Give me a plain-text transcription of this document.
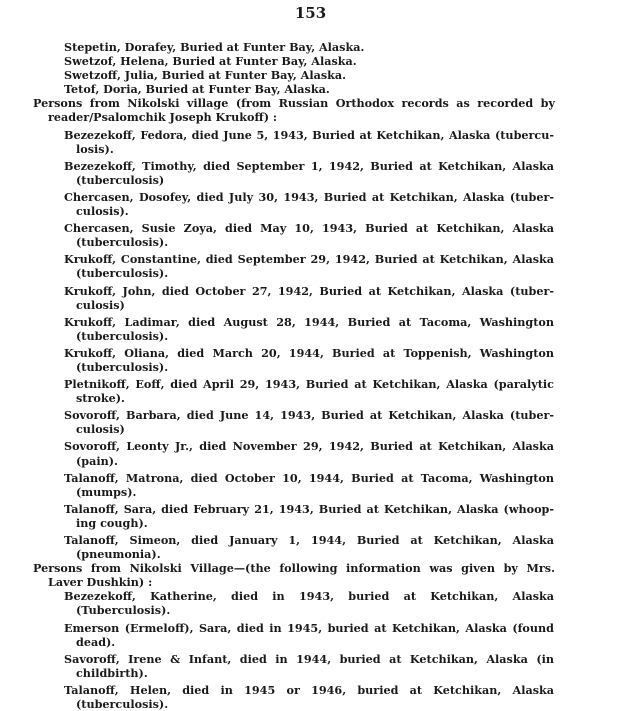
153
Stepetin, Dorafey, Buried at Funter Bay, Alaska.
Swetzof, Helena, Buried at Funter Bay, Alaska.
Swetzoff, Julia, Buried at Funter Bay, Alaska.
Tetof, Doria, Buried at Funter Bay, Alaska.
Persons from Nikolski village (from Russian Orthodox records as recorded by
reader/Psalomchik Joseph Krukoff) :
Bezezekoff, Fedora, died June 5, 1943, Buried at Ketchikan, Alaska (tubercu-
losis).
Bezezekoff, Timothy, died September 1, 1942, Buried at Ketchikan, Alaska
(tuberculosis)
Chercasen, Dosofey, died July 30, 1943, Buried at Ketchikan, Alaska (tuber-
culosis).
Chercasen, Susie Zoya, died May 10, 1943, Buried at Ketchikan, Alaska
(tuberculosis).
Krukoff, Constantine, died September 29, 1942, Buried at Ketchikan, Alaska
(tuberculosis).
Krukoff, John, died October 27, 1942, Buried at Ketchikan, Alaska (tuber-
culosis)
Krukoff, Ladimar, died August 28, 1944, Buried at Tacoma, Washington
(tuberculosis).
Krukoff, Oliana, died March 20, 1944, Buried at Toppenish, Washington
(tuberculosis).
Pletnikoff, Eoff, died April 29, 1943, Buried at Ketchikan, Alaska (paralytic
stroke).
Sovoroff, Barbara, died June 14, 1943, Buried at Ketchikan, Alaska (tuber-
culosis)
Sovoroff, Leonty Jr., died November 29, 1942, Buried at Ketchikan, Alaska
(pain).
Talanoff, Matrona, died October 10, 1944, Buried at Tacoma, Washington
(mumps).
Talanoff, Sara, died February 21, 1943, Buried at Ketchikan, Alaska (whoop-
ing cough).
Talanoff, Simeon, died January 1, 1944, Buried at Ketchikan, Alaska
(pneumonia).
Persons from Nikolski Village—(the following information was given by Mrs.
Laver Dushkin) :
Bezezekoff, Katherine, died in 1943, buried at Ketchikan, Alaska
(Tuberculosis).
Emerson (Ermeloff), Sara, died in 1945, buried at Ketchikan, Alaska (found
dead).
Savoroff, Irene & Infant, died in 1944, buried at Ketchikan, Alaska (in
childbirth).
Talanoff, Helen, died in 1945 or 1946, buried at Ketchikan, Alaska
(tuberculosis).
